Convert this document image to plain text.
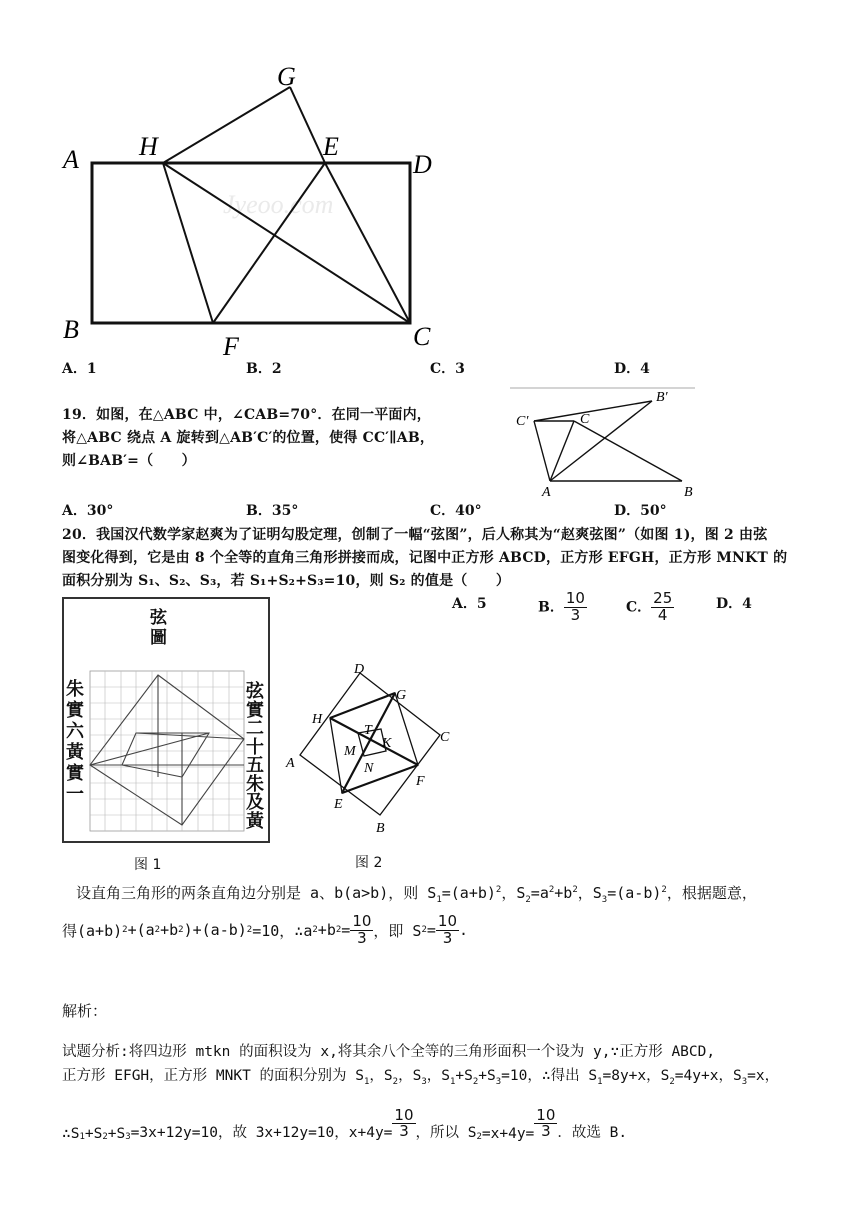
Jyeoo.com
A H
G
E
D
B
F	C
A．1	B．2	C．3	D．4
19．如图，在△ABC 中，∠CAB=70°．在同一平面内，
将△ABC 绕点 A 旋转到△AB′C′的位置，使得 CC′∥AB，
则∠BAB′=（　　）
C′	C
B′
A	B
A．30°	B．35°	C．40°	D．50°
20．我国汉代数学家赵爽为了证明勾股定理，创制了一幅“弦图”，后人称其为“赵爽弦图”（如图 1)，图 2 由弦
图变化得到，它是由 8 个全等的直角三角形拼接而成，记图中正方形 ABCD，正方形 EFGH，正方形 MNKT 的
面积分别为 S₁、S₂、S₃，若 S₁+S₂+S₃=10，则 S₂ 的值是（　　）
A．5	B． $\frac{10}{3}$	C． $\frac{25}{4}$	D．4
弦
圖
朱實六黃實一
弦實二十五朱及黃
图 1
D
G
H
C
T
K
M
N
A
F
E
B
图 2
设直角三角形的两条直角边分别是 a、b(a>b)，则 $S_1=(a+b)^2$，$S_2=a^2+b^2$，$S_3=(a-b)^2$，根据题意，
得(a+b) 2 +(a 2 +b 2 )+(a-b) 2 =10，∴a 2 +b $2 = \frac{10}{3}$ ，即 S $2 = \frac{10}{3}$ .
解析：
试题分析:将四边形 mtkn 的面积设为 x,将其余八个全等的三角形面积一个设为 y,∵正方形 ABCD,
正方形 EFGH，正方形 MNKT 的面积分别为 $S_1$，$S_2$，$S_3$，$S_1+S_2+S_3=10$，∴得出 $S_1=8y+x$，$S_2=4y+x$，$S_3=x$，
$\therefore S_1 +S_2 +S_3 =3x+12y=10$，故 3x+12y=10，$x+4y= \frac{10}{3}$ ，所以 $S_2 =x+4y= \frac{10}{3}$ ．故选 B.
